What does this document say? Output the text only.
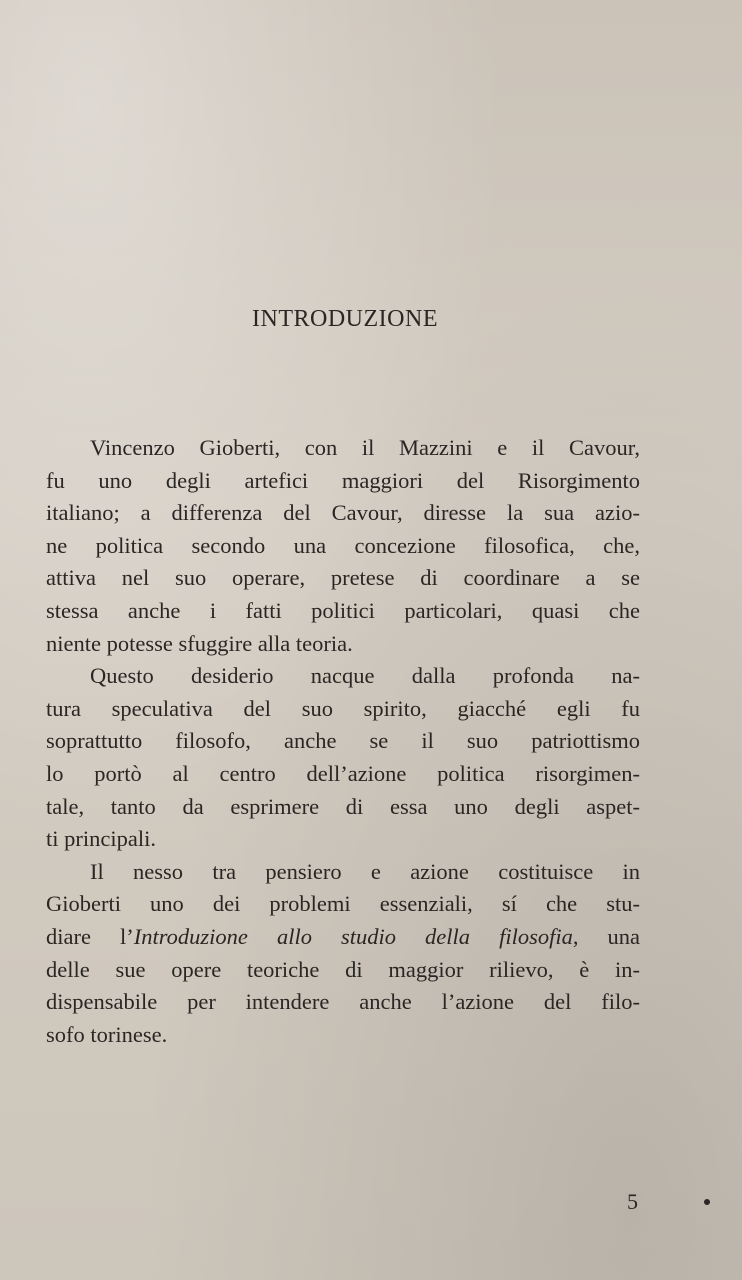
INTRODUZIONE
Vincenzo Gioberti, con il Mazzini e il Cavour,
fu uno degli artefici maggiori del Risorgimento
italiano; a differenza del Cavour, diresse la sua azio-
ne politica secondo una concezione filosofica, che,
attiva nel suo operare, pretese di coordinare a se
stessa anche i fatti politici particolari, quasi che
niente potesse sfuggire alla teoria.
Questo desiderio nacque dalla profonda na-
tura speculativa del suo spirito, giacché egli fu
soprattutto filosofo, anche se il suo patriottismo
lo portò al centro dell’azione politica risorgimen-
tale, tanto da esprimere di essa uno degli aspet-
ti principali.
Il nesso tra pensiero e azione costituisce in
Gioberti uno dei problemi essenziali, sí che stu-
diare l’Introduzione allo studio della filosofia, una
delle sue opere teoriche di maggior rilievo, è in-
dispensabile per intendere anche l’azione del filo-
sofo torinese.
5
